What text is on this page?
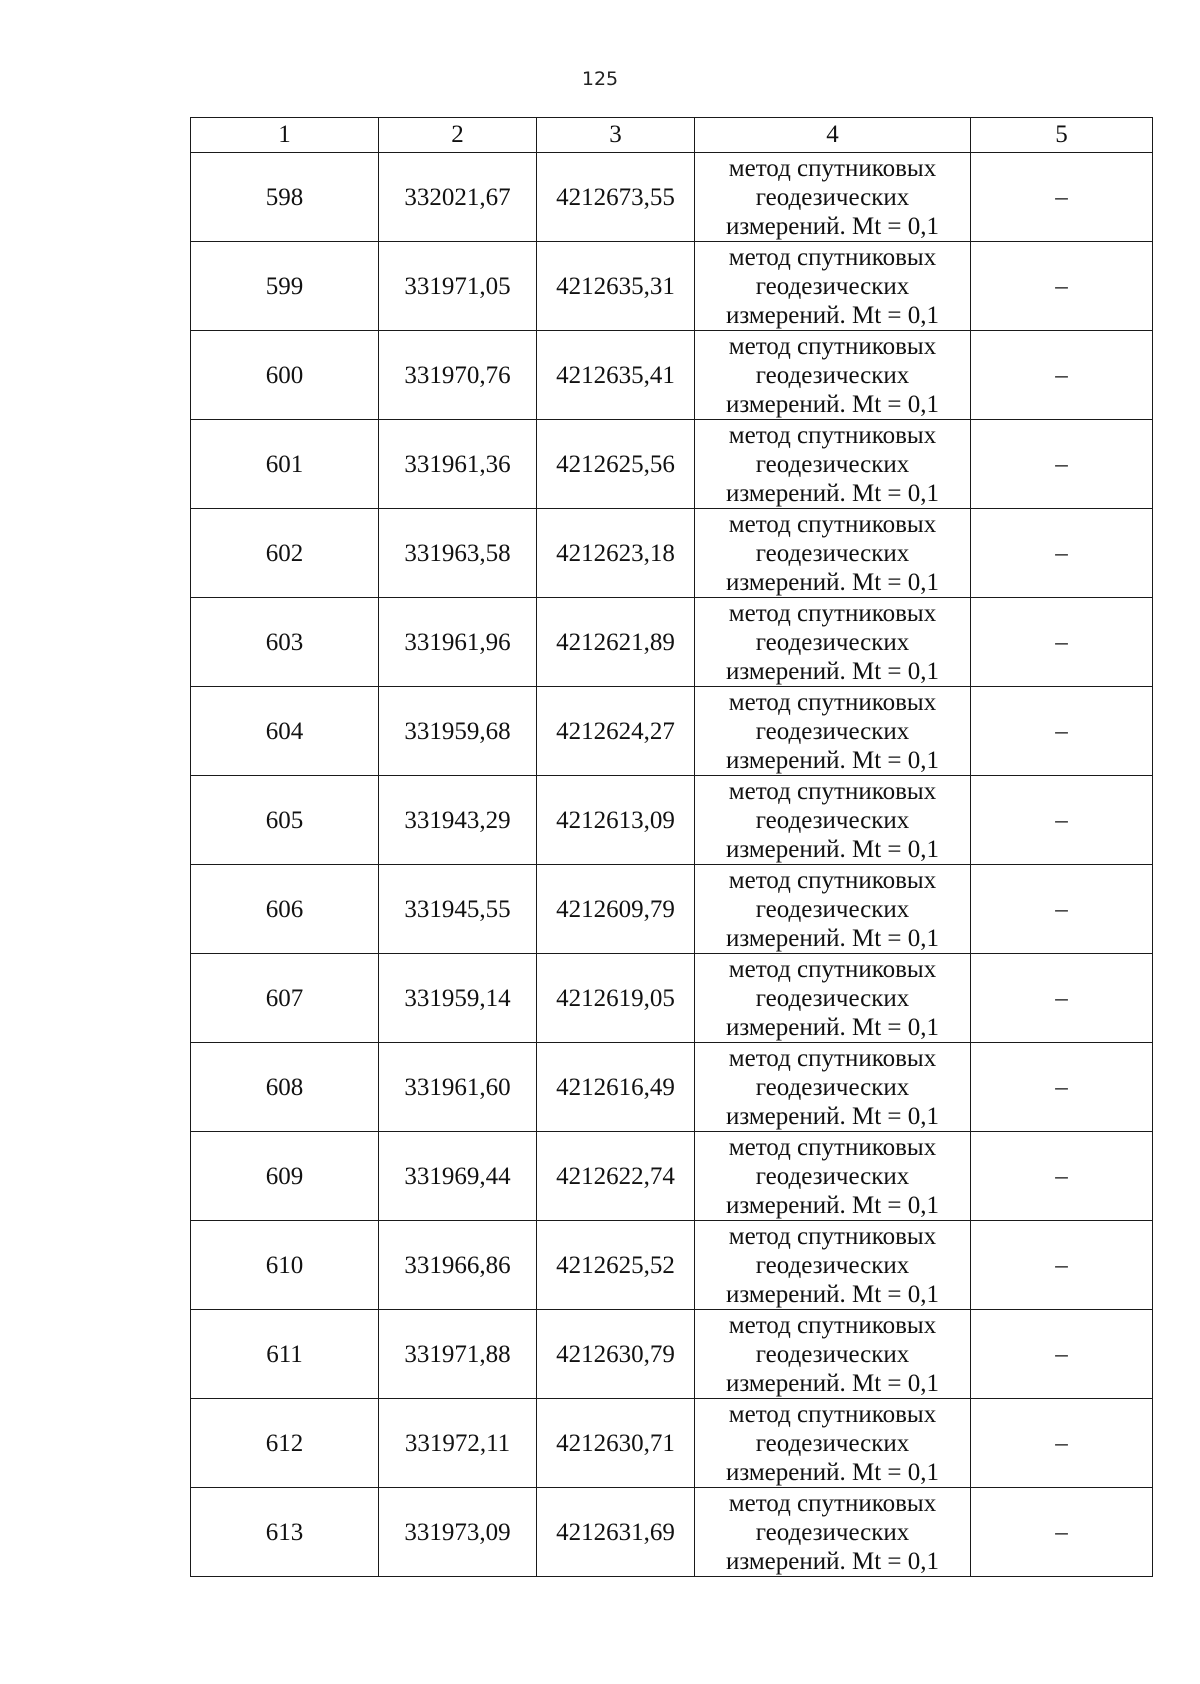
125
1	2	3	4	5
598	332021,67	4212673,55	метод спутниковых геодезических измерений. Mt = 0,1	–
599	331971,05	4212635,31	метод спутниковых геодезических измерений. Mt = 0,1	–
600	331970,76	4212635,41	метод спутниковых геодезических измерений. Mt = 0,1	–
601	331961,36	4212625,56	метод спутниковых геодезических измерений. Mt = 0,1	–
602	331963,58	4212623,18	метод спутниковых геодезических измерений. Mt = 0,1	–
603	331961,96	4212621,89	метод спутниковых геодезических измерений. Mt = 0,1	–
604	331959,68	4212624,27	метод спутниковых геодезических измерений. Mt = 0,1	–
605	331943,29	4212613,09	метод спутниковых геодезических измерений. Mt = 0,1	–
606	331945,55	4212609,79	метод спутниковых геодезических измерений. Mt = 0,1	–
607	331959,14	4212619,05	метод спутниковых геодезических измерений. Mt = 0,1	–
608	331961,60	4212616,49	метод спутниковых геодезических измерений. Mt = 0,1	–
609	331969,44	4212622,74	метод спутниковых геодезических измерений. Mt = 0,1	–
610	331966,86	4212625,52	метод спутниковых геодезических измерений. Mt = 0,1	–
611	331971,88	4212630,79	метод спутниковых геодезических измерений. Mt = 0,1	–
612	331972,11	4212630,71	метод спутниковых геодезических измерений. Mt = 0,1	–
613	331973,09	4212631,69	метод спутниковых геодезических измерений. Mt = 0,1	–
